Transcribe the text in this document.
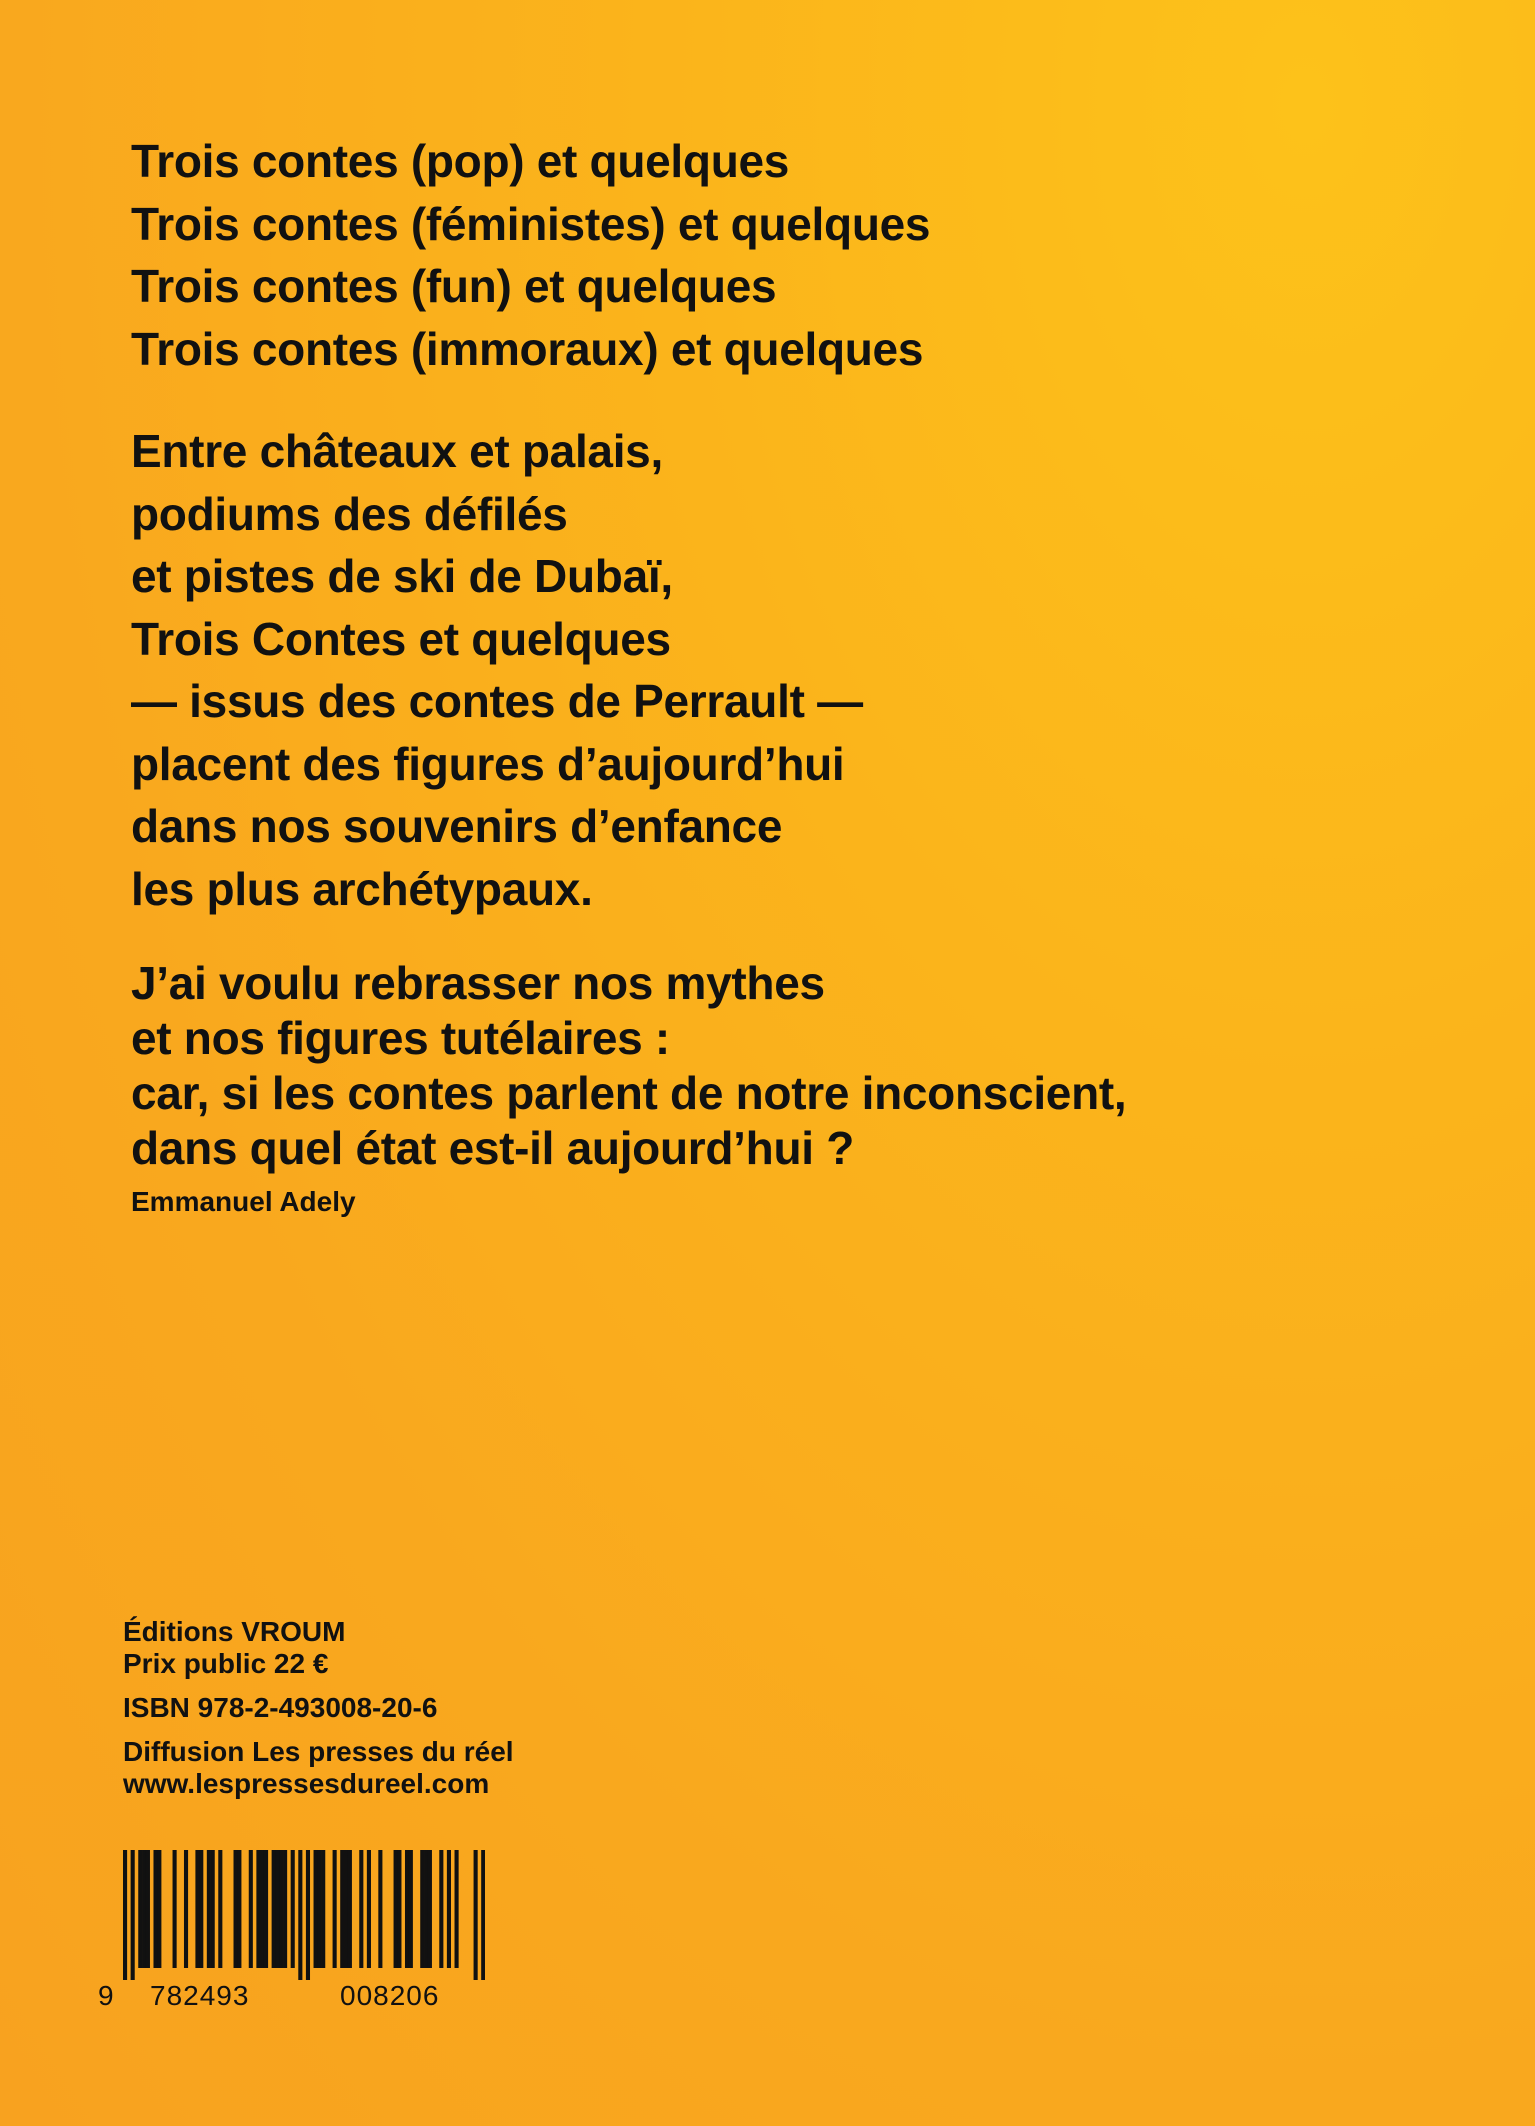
Trois contes (pop) et quelques
Trois contes (féministes) et quelques
Trois contes (fun) et quelques
Trois contes (immoraux) et quelques
Entre châteaux et palais,
podiums des défilés
et pistes de ski de Dubaï,
Trois Contes et quelques
— issus des contes de Perrault —
placent des figures d’aujourd’hui
dans nos souvenirs d’enfance
les plus archétypaux.
J’ai voulu rebrasser nos mythes
et nos figures tutélaires :
car, si les contes parlent de notre inconscient,
dans quel état est-il aujourd’hui ?
Emmanuel Adely
Éditions VROUM
Prix public 22 €
ISBN 978-2-493008-20-6
Diffusion Les presses du réel
www.lespressesdureel.com
9 782493	008206
